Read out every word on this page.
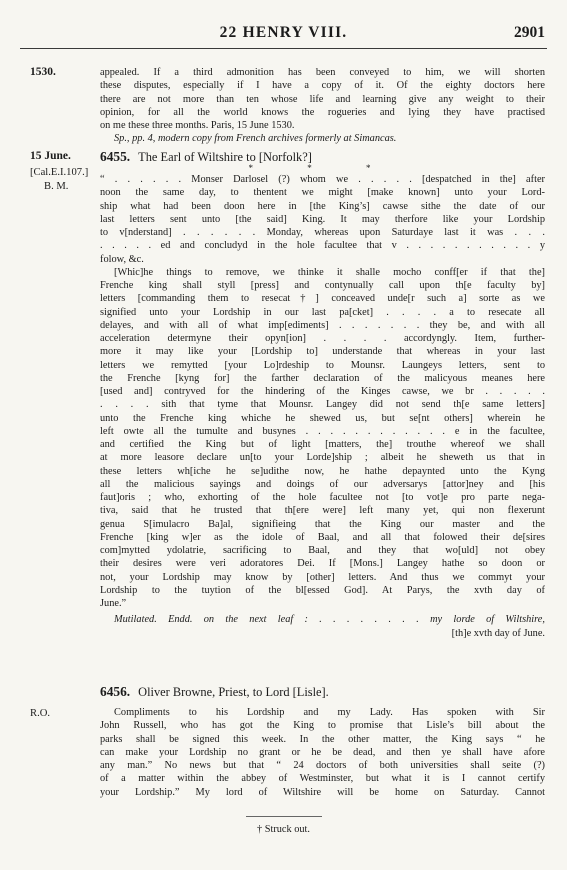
22 HENRY VIII.	2901
1530.	appealed. If a third admonition has been conveyed to him, we will shorten
these disputes, especially if I have a copy of it. Of the eighty doctors here
there are not more than ten whose life and learning give any weight to their
opinion, for all the world knows the rogueries and lying they have practised
on me these three months. Paris, 15 June 1530.
Sp., pp. 4, modern copy from French archives formerly at Simancas.
15 June.
[Cal.E.I.107.]
B. M.
6455. The Earl of Wiltshire to [Norfolk?]
* * *
“ . . . . . . Monser Darlosel (?) whom we . . . . . [despatched in the] after
noon the same day, to thentent we might [make known] unto your Lord-
ship what had been doon here in [the King’s] cawse sithe the date of our
last letters sent unto [the said] King. It may therfore like your Lordship
to v[nderstand] . . . . . . Monday, whereas upon Saturdaye last it was . . .
. . . . . ed and concludyd in the hole facultee that v . . . . . . . . . . . y
folow, &c.
[Whic]he things to remove, we thinke it shalle mocho conff[er if that the]
Frenche king shall styll [press] and contynually call upon th[e faculty by]
letters [commanding them to resecat†] conceaved unde[r such a] sorte as we
signified unto your Lordship in our last pa[cket] . . . . a to resecate all
delayes, and with all of what imp[ediments] . . . . . . . they be, and with all
acceleration determyne their opyn[ion] . . . . accordyngly. Item, further-
more it may like your [Lordship to] understande that whereas in your last
letters we remytted [your Lo]rdeship to Mounsr. Laungeys letters, sent to
the Frenche [kyng for] the farther declaration of the malicyous meanes here
[used and] contryved for the hindering of the Kinges cawse, we br . . . . .
. . . . sith that tyme that Mounsr. Langey did not send th[e same letters]
unto the Frenche king whiche he shewed us, but se[nt others] wherein he
left owte all the tumulte and busynes . . . . . . . . . . . . e in the facultee,
and certified the King but of light [matters, the] trouthe whereof we shall
at more leasore declare un[to your Lorde]ship ; albeit he sheweth us that in
these letters wh[iche he se]udithe now, he hathe depaynted unto the Kyng
all the malicious sayings and doings of our adversarys [attor]ney and [his
faut]oris ; who, exhorting of the hole facultee not [to vot]e pro parte nega-
tiva, said that he trusted that th[ere were] left many yet, qui non flexerunt
genua S[imulacro Ba]al, signifieing that the King our master and the
Frenche [king w]er as the idole of Baal, and all that folowed their de[sires
com]mytted ydolatrie, sacrificing to Baal, and they that wo[uld] not obey
their desires were veri adoratores Dei. If [Mons.] Langey hathe so doon or
not, your Lordship may know by [other] letters. And thus we commyt your
Lordship to the tuytion of the bl[essed God]. At Parys, the xvth day of
June.”
Mutilated. Endd. on the next leaf : . . . . . . . . my lorde of Wiltshire,
[th]e xvth day of June.
R.O.
6456. Oliver Browne, Priest, to Lord [Lisle].
Compliments to his Lordship and my Lady. Has spoken with Sir
John Russell, who has got the King to promise that Lisle’s bill about the
parks shall be signed this week. In the other matter, the King says “ he
can make your Lordship no grant or he be dead, and then ye shall have afore
any man.” No news but that “ 24 doctors of both universities shall seite (?)
of a matter within the abbey of Westminster, but what it is I cannot certify
your Lordship.” My lord of Wiltshire will be home on Saturday. Cannot
† Struck out.
